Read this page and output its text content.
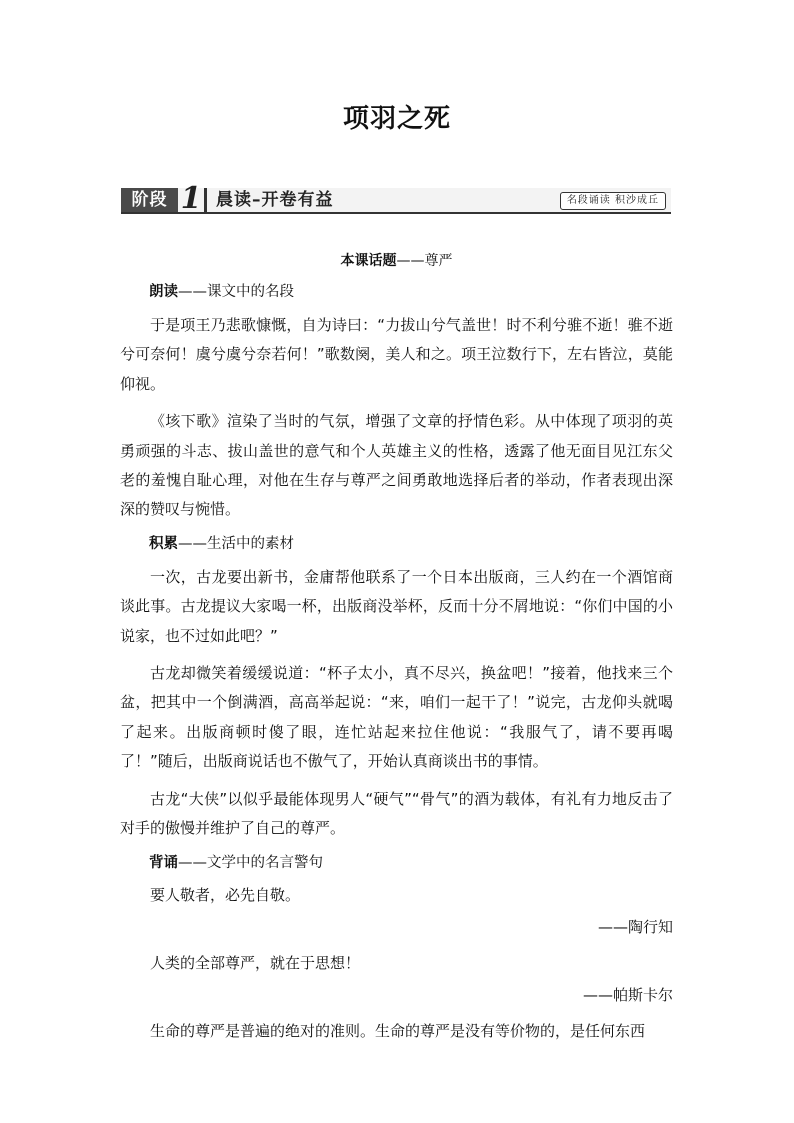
项羽之死
阶段 1 晨读–开卷有益	名段诵读 积沙成丘
本课话题——尊严
朗读——课文中的名段

于是项王乃悲歌慷慨，自为诗曰：“力拔山兮气盖世！时不利兮骓不逝！骓不逝兮可奈何！虞兮虞兮奈若何！”歌数阕，美人和之。项王泣数行下，左右皆泣，莫能仰视。

《垓下歌》渲染了当时的气氛，增强了文章的抒情色彩。从中体现了项羽的英勇顽强的斗志、拔山盖世的意气和个人英雄主义的性格，透露了他无面目见江东父老的羞愧自耻心理，对他在生存与尊严之间勇敢地选择后者的举动，作者表现出深深的赞叹与惋惜。

积累——生活中的素材

一次，古龙要出新书，金庸帮他联系了一个日本出版商，三人约在一个酒馆商谈此事。古龙提议大家喝一杯，出版商没举杯，反而十分不屑地说：“你们中国的小说家，也不过如此吧？”

古龙却微笑着缓缓说道：“杯子太小，真不尽兴，换盆吧！”接着，他找来三个盆，把其中一个倒满酒，高高举起说：“来，咱们一起干了！”说完，古龙仰头就喝了起来。出版商顿时傻了眼，连忙站起来拉住他说：“我服气了，请不要再喝了！”随后，出版商说话也不傲气了，开始认真商谈出书的事情。

古龙“大侠”以似乎最能体现男人“硬气”“骨气”的酒为载体，有礼有力地反击了对手的傲慢并维护了自己的尊严。

背诵——文学中的名言警句
要人敬者，必先自敬。
——陶行知
人类的全部尊严，就在于思想！
——帕斯卡尔
生命的尊严是普遍的绝对的准则。生命的尊严是没有等价物的，是任何东西
